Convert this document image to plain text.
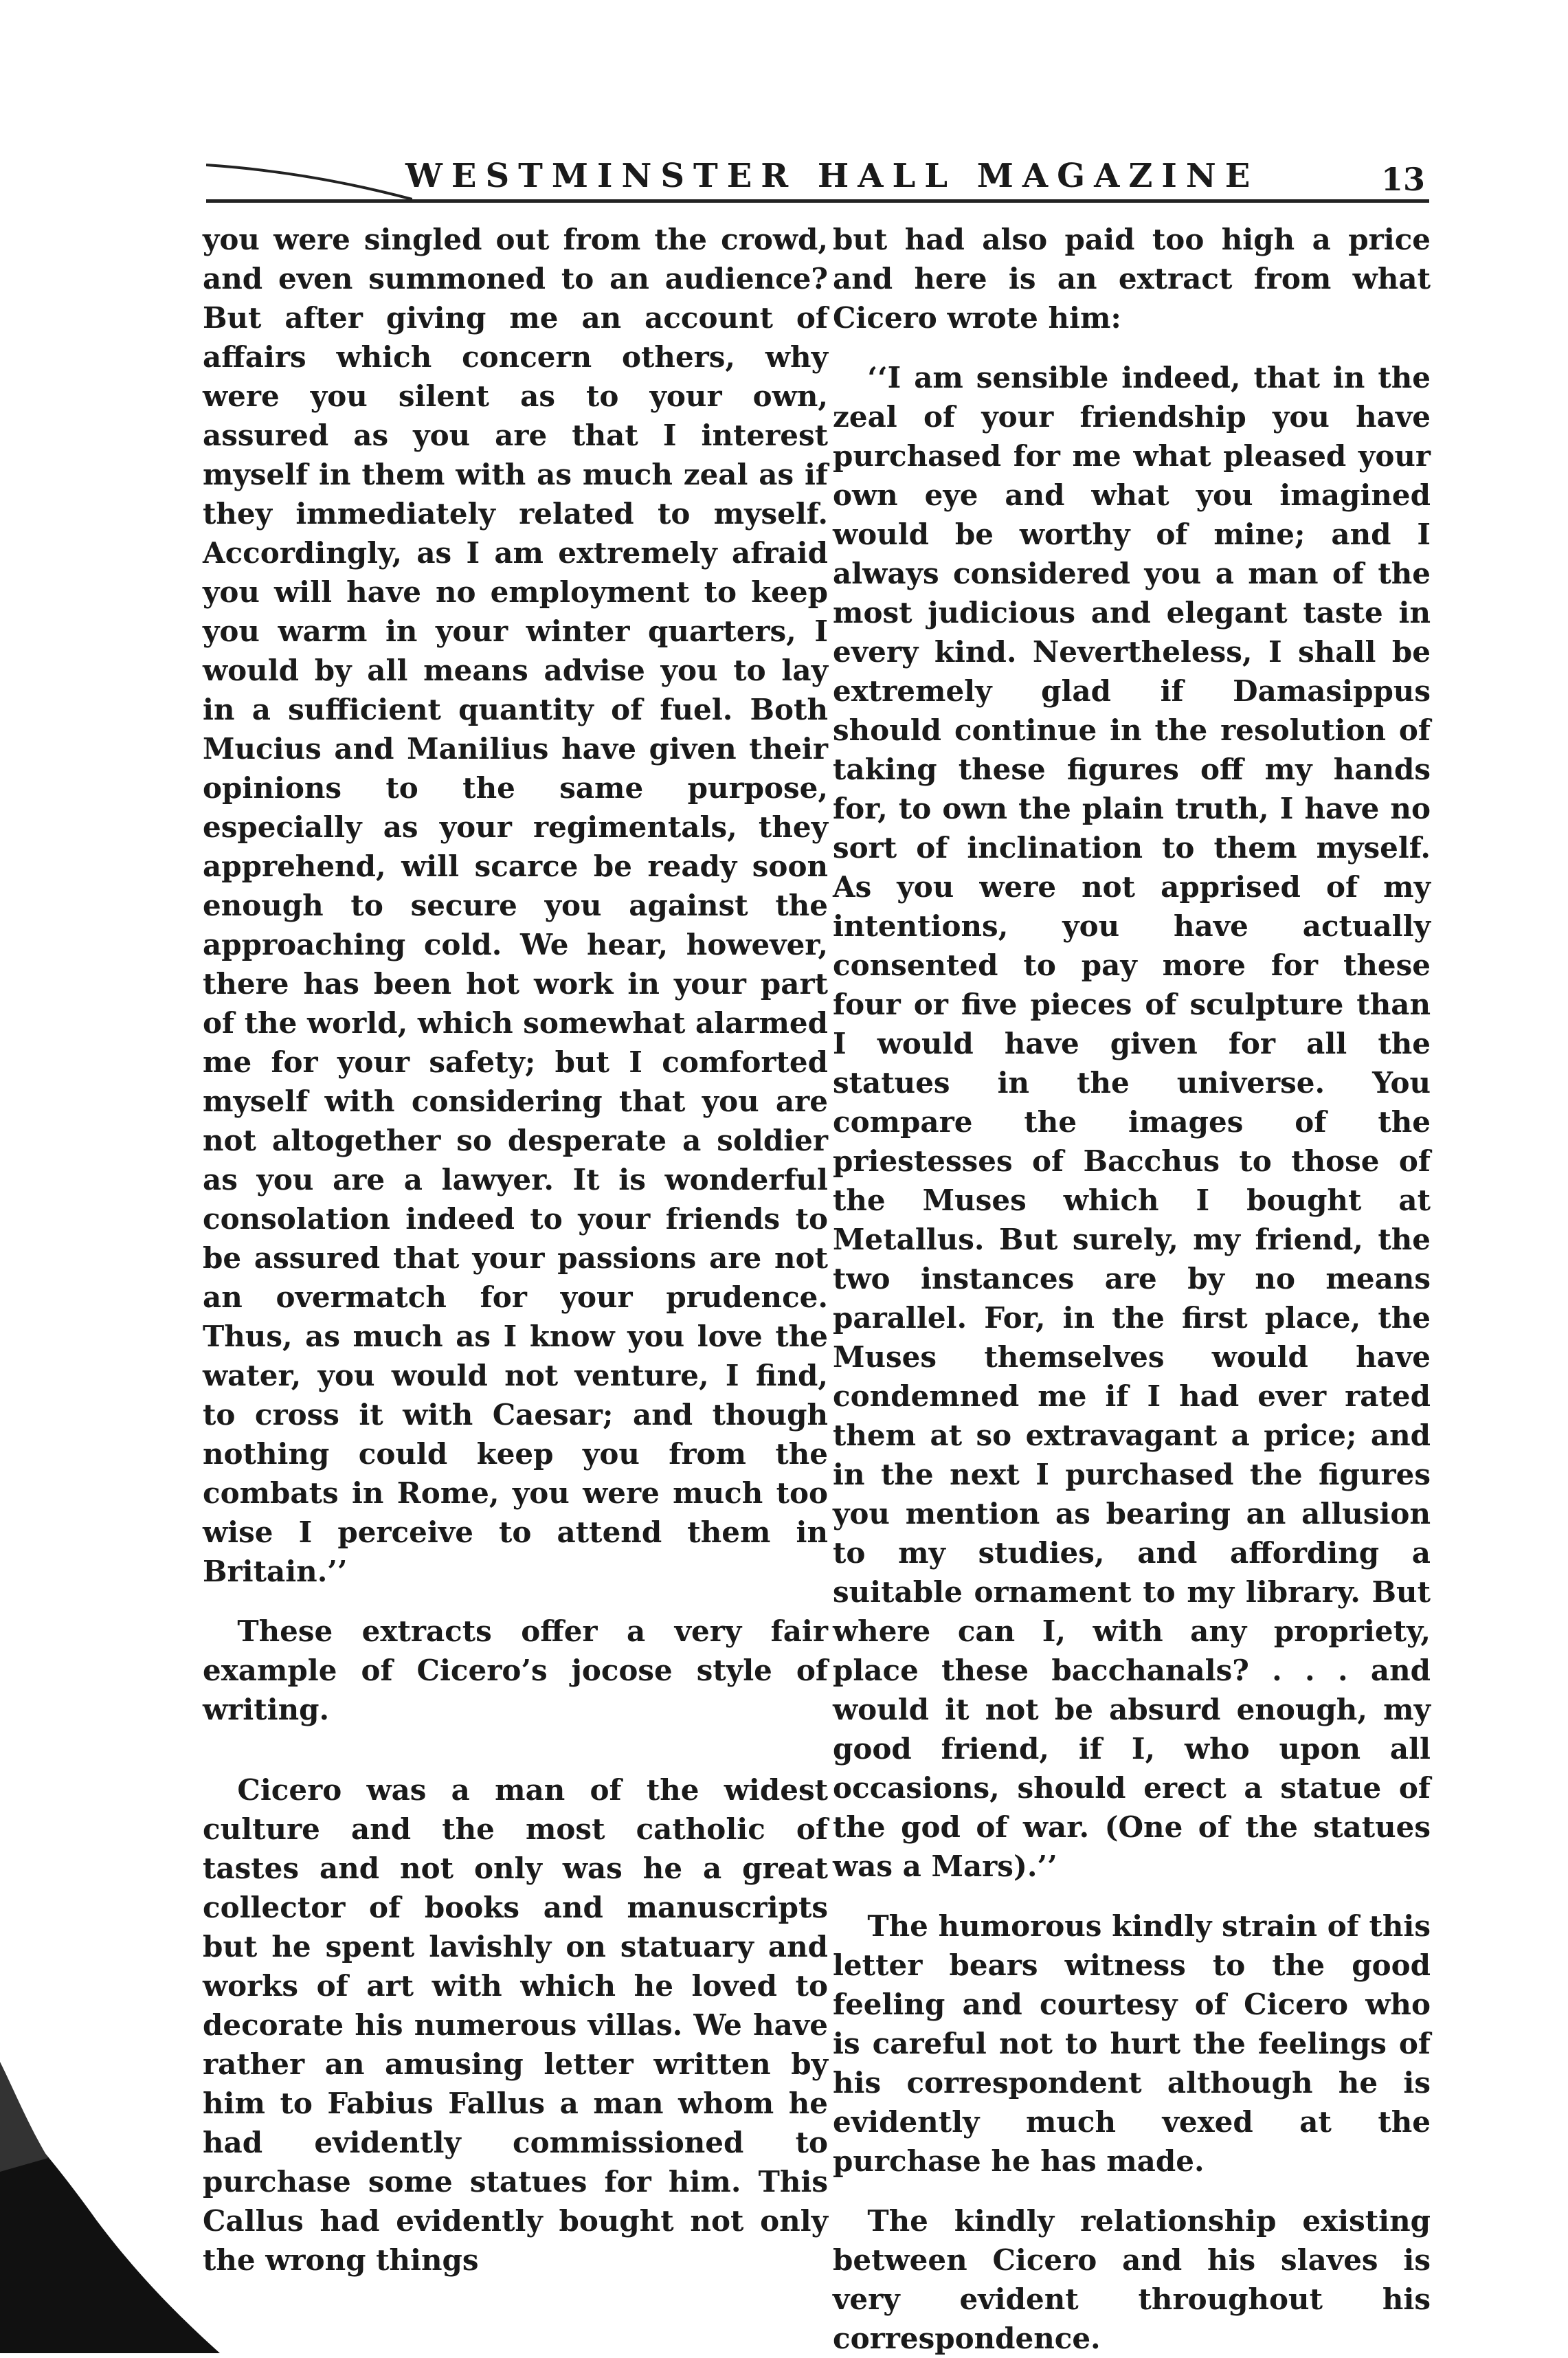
WESTMINSTER HALL MAGAZINE	13

you were singled out from the crowd, and even summoned to an audience? But after giving me an account of affairs which concern others, why were you silent as to your own, assured as you are that I interest myself in them with as much zeal as if they immediately related to myself. Accordingly, as I am extremely afraid you will have no employment to keep you warm in your winter quarters, I would by all means advise you to lay in a sufficient quantity of fuel. Both Mucius and Manilius have given their opinions to the same purpose, especially as your regimentals, they apprehend, will scarce be ready soon enough to secure you against the approaching cold. We hear, however, there has been hot work in your part of the world, which somewhat alarmed me for your safety; but I comforted myself with considering that you are not altogether so desperate a soldier as you are a lawyer. It is wonderful consolation indeed to your friends to be assured that your passions are not an overmatch for your prudence. Thus, as much as I know you love the water, you would not venture, I find, to cross it with Caesar; and though nothing could keep you from the combats in Rome, you were much too wise I perceive to attend them in Britain.’’

These extracts offer a very fair example of Cicero’s jocose style of writing.

Cicero was a man of the widest culture and the most catholic of tastes and not only was he a great collector of books and manuscripts but he spent lavishly on statuary and works of art with which he loved to decorate his numerous villas. We have rather an amusing letter written by him to Fabius Fallus a man whom he had evidently commissioned to purchase some statues for him. This Callus had evidently bought not only the wrong things

but had also paid too high a price and here is an extract from what Cicero wrote him:

‘‘I am sensible indeed, that in the zeal of your friendship you have purchased for me what pleased your own eye and what you imagined would be worthy of mine; and I always considered you a man of the most judicious and elegant taste in every kind. Nevertheless, I shall be extremely glad if Damasippus should continue in the resolution of taking these figures off my hands for, to own the plain truth, I have no sort of inclination to them myself. As you were not apprised of my intentions, you have actually consented to pay more for these four or five pieces of sculpture than I would have given for all the statues in the universe. You compare the images of the priestesses of Bacchus to those of the Muses which I bought at Metallus. But surely, my friend, the two instances are by no means parallel. For, in the first place, the Muses themselves would have condemned me if I had ever rated them at so extravagant a price; and in the next I purchased the figures you mention as bearing an allusion to my studies, and affording a suitable ornament to my library. But where can I, with any propriety, place these bacchanals? . . . and would it not be absurd enough, my good friend, if I, who upon all occasions, should erect a statue of the god of war. (One of the statues was a Mars).’’

The humorous kindly strain of this letter bears witness to the good feeling and courtesy of Cicero who is careful not to hurt the feelings of his correspondent although he is evidently much vexed at the purchase he has made.

The kindly relationship existing between Cicero and his slaves is very evident throughout his correspondence.
